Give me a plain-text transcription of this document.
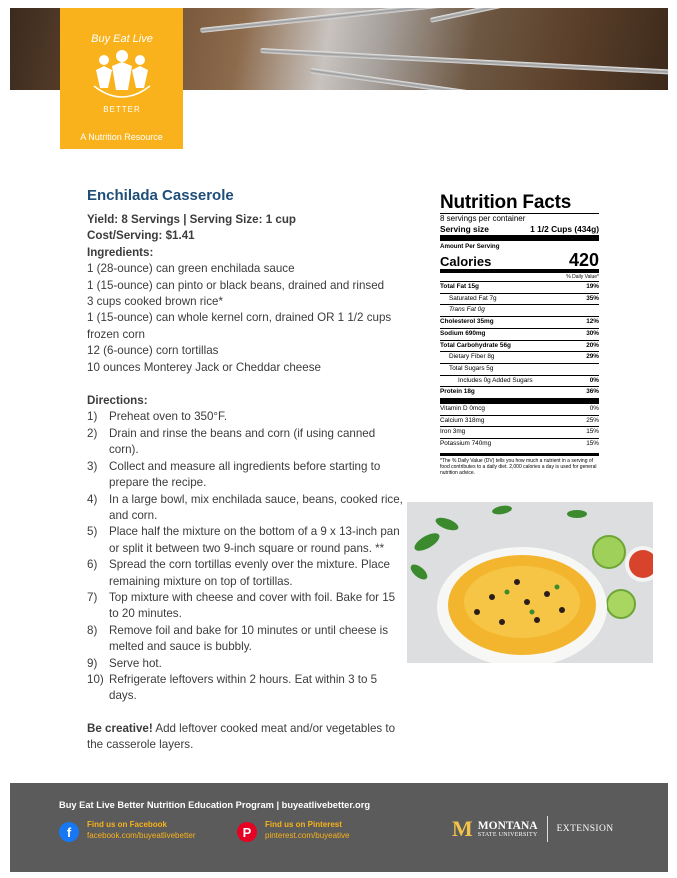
Buy Eat Live
BETTER
A Nutrition Resource
Enchilada Casserole
Yield: 8 Servings | Serving Size: 1 cup
Cost/Serving: $1.41
Ingredients:
1 (28-ounce) can green enchilada sauce
1 (15-ounce) can pinto or black beans, drained and rinsed
3 cups cooked brown rice*
1 (15-ounce) can whole kernel corn, drained OR 1 1/2 cups frozen corn
12 (6-ounce) corn tortillas
10 ounces Monterey Jack or Cheddar cheese
Directions:
1)	Preheat oven to 350°F.
2)	Drain and rinse the beans and corn (if using canned corn).
3)	Collect and measure all ingredients before starting to prepare the recipe.
4)	In a large bowl, mix enchilada sauce, beans, cooked rice, and corn.
5)	Place half the mixture on the bottom of a 9 x 13-inch pan or split it between two 9-inch square or round pans. **
6)	Spread the corn tortillas evenly over the mixture. Place remaining mixture on top of tortillas.
7)	Top mixture with cheese and cover with foil. Bake for 15 to 20 minutes.
8)	Remove foil and bake for 10 minutes or until cheese is melted and sauce is bubbly.
9)	Serve hot.
10) Refrigerate leftovers within 2 hours. Eat within 3 to 5 days.
Be creative! Add leftover cooked meat and/or vegetables to the casserole layers.
Nutrition Facts
8 servings per container
Serving size	1 1/2 Cups (434g)
Amount Per Serving
Calories	420
% Daily Value*
Total Fat 15g	19%
Saturated Fat 7g	35%
Trans Fat 0g
Cholesterol 35mg	12%
Sodium 690mg	30%
Total Carbohydrate 56g	20%
Dietary Fiber 8g	29%
Total Sugars 5g
Includes 0g Added Sugars	0%
Protein 18g	36%
Vitamin D 0mcg	0%
Calcium 318mg	25%
Iron 3mg	15%
Potassium 740mg	15%
*The % Daily Value (DV) tells you how much a nutrient in a serving of food contributes to a daily diet. 2,000 calories a day is used for general nutrition advice.
Buy Eat Live Better Nutrition Education Program | buyeatlivebetter.org
f	Find us on Facebook
facebook.com/buyeatlivebetter	P	Find us on Pinterest
pinterest.com/buyeative	M MONTANA
STATE UNIVERSITY
EXTENSION
